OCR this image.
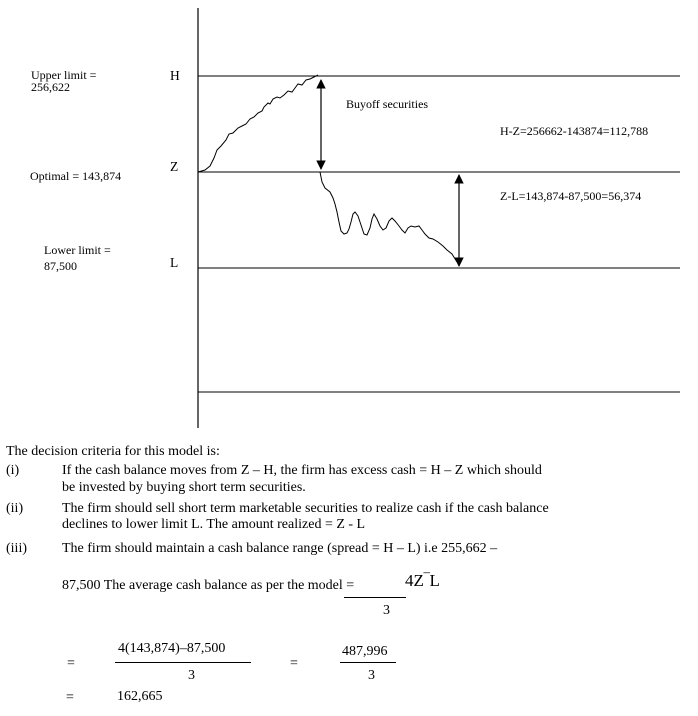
Upper limit =
256,622
Optimal = 143,874
Lower limit =
87,500
H
Z
L
Buyoff securities
H-Z=256662-143874=112,788
Z-L=143,874-87,500=56,374
The decision criteria for this model is:
(i)	If the cash balance moves from Z – H, the firm has excess cash = H – Z which should
be invested by buying short term securities.
(ii)	The firm should sell short term marketable securities to realize cash if the cash balance
declines to lower limit L. The amount realized = Z - L
(iii)	The firm should maintain a cash balance range (spread = H – L) i.e 255,662 –
87,500 The average cash balance as per the model =	4Z‾L
3
=
4(143,874)–87,500
3
=
487,996
3
=	162,665
